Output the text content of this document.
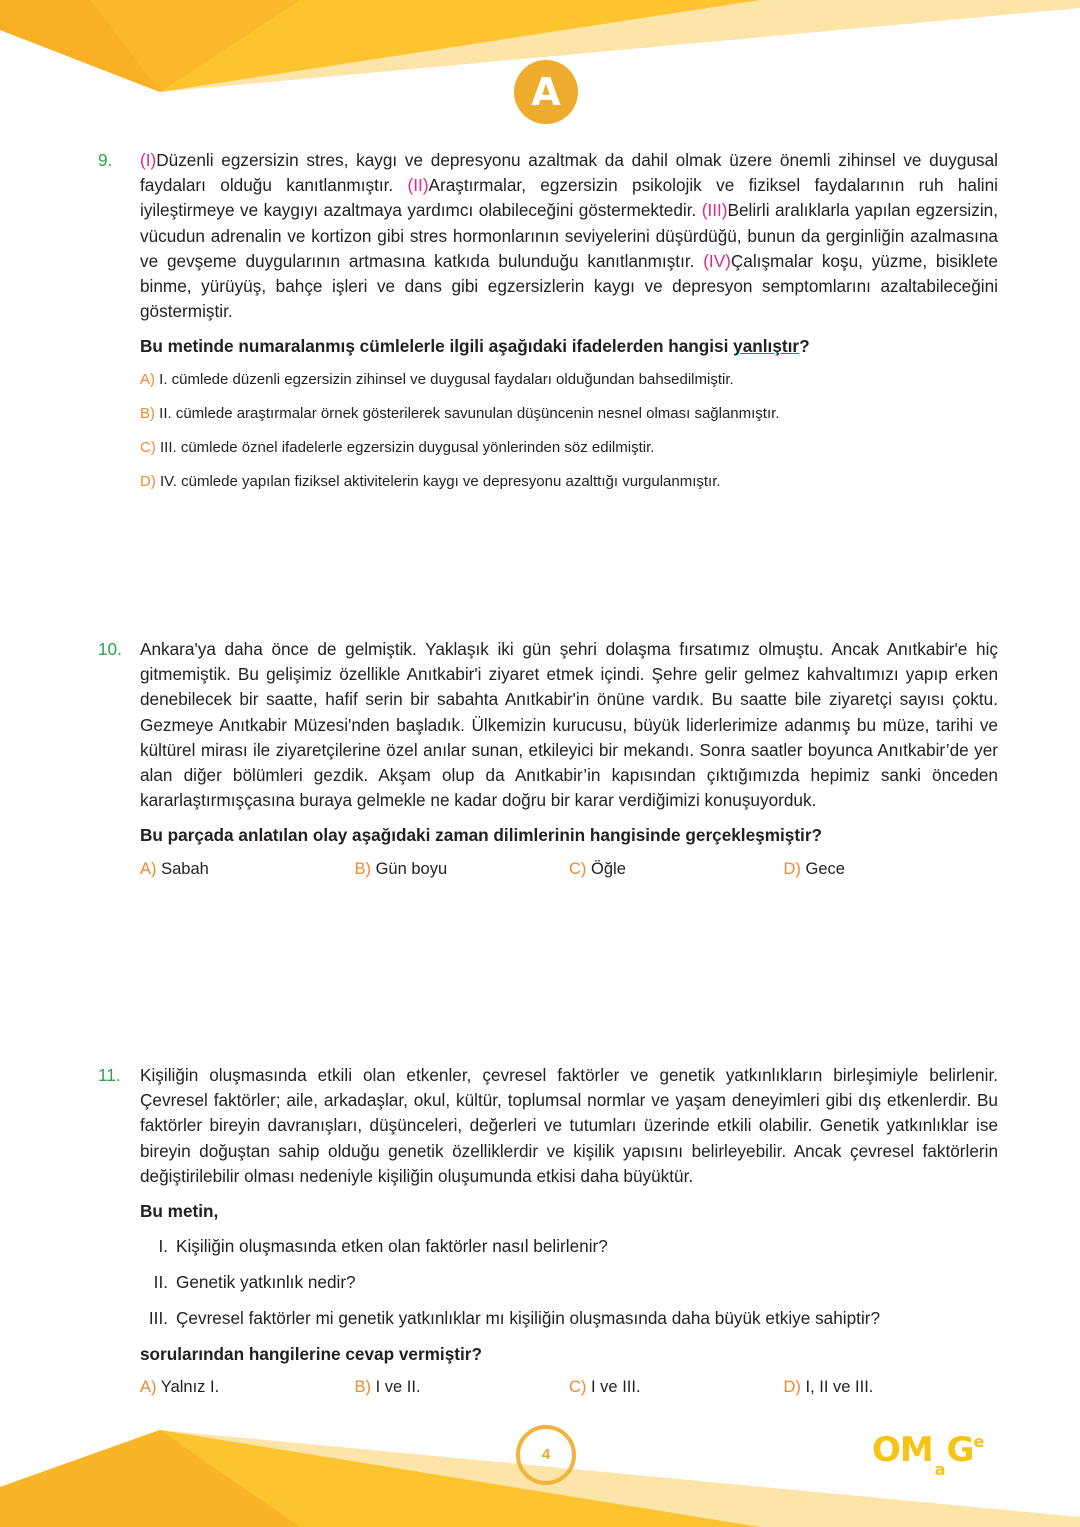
A
9. (I)Düzenli egzersizin stres, kaygı ve depresyonu azaltmak da dahil olmak üzere önemli zihinsel ve duygusal faydaları olduğu kanıtlanmıştır. (II)Araştırmalar, egzersizin psikolojik ve fiziksel faydalarının ruh halini iyileştirmeye ve kaygıyı azaltmaya yardımcı olabileceğini göstermektedir. (III)Belirli aralıklarla yapılan egzersizin, vücudun adrenalin ve kortizon gibi stres hormonlarının seviyelerini düşürdüğü, bunun da gerginliğin azalmasına ve gevşeme duygularının artmasına katkıda bulunduğu kanıtlanmıştır. (IV)Çalışmalar koşu, yüzme, bisiklete binme, yürüyüş, bahçe işleri ve dans gibi egzersizlerin kaygı ve depresyon semptomlarını azaltabileceğini göstermiştir.
Bu metinde numaralanmış cümlelerle ilgili aşağıdaki ifadelerden hangisi yanlıştır?
A) I. cümlede düzenli egzersizin zihinsel ve duygusal faydaları olduğundan bahsedilmiştir.
B) II. cümlede araştırmalar örnek gösterilerek savunulan düşüncenin nesnel olması sağlanmıştır.
C) III. cümlede öznel ifadelerle egzersizin duygusal yönlerinden söz edilmiştir.
D) IV. cümlede yapılan fiziksel aktivitelerin kaygı ve depresyonu azalttığı vurgulanmıştır.
10. Ankara'ya daha önce de gelmiştik. Yaklaşık iki gün şehri dolaşma fırsatımız olmuştu. Ancak Anıtkabir'e hiç gitmemiştik. Bu gelişimiz özellikle Anıtkabir'i ziyaret etmek içindi. Şehre gelir gelmez kahvaltımızı yapıp erken denebilecek bir saatte, hafif serin bir sabahta Anıtkabir'in önüne vardık. Bu saatte bile ziyaretçi sayısı çoktu. Gezmeye Anıtkabir Müzesi'nden başladık. Ülkemizin kurucusu, büyük liderlerimize adanmış bu müze, tarihi ve kültürel mirası ile ziyaretçilerine özel anılar sunan, etkileyici bir mekandı. Sonra saatler boyunca Anıtkabir’de yer alan diğer bölümleri gezdik. Akşam olup da Anıtkabir’in kapısından çıktığımızda hepimiz sanki önceden kararlaştırmışçasına buraya gelmekle ne kadar doğru bir karar verdiğimizi konuşuyorduk.
Bu parçada anlatılan olay aşağıdaki zaman dilimlerinin hangisinde gerçekleşmiştir?
A) Sabah	B) Gün boyu	C) Öğle	D) Gece
11. Kişiliğin oluşmasında etkili olan etkenler, çevresel faktörler ve genetik yatkınlıkların birleşimiyle belirlenir. Çevresel faktörler; aile, arkadaşlar, okul, kültür, toplumsal normlar ve yaşam deneyimleri gibi dış etkenlerdir. Bu faktörler bireyin davranışları, düşünceleri, değerleri ve tutumları üzerinde etkili olabilir. Genetik yatkınlıklar ise bireyin doğuştan sahip olduğu genetik özelliklerdir ve kişilik yapısını belirleyebilir. Ancak çevresel faktörlerin değiştirilebilir olması nedeniyle kişiliğin oluşumunda etkisi daha büyüktür.
Bu metin,
I. Kişiliğin oluşmasında etken olan faktörler nasıl belirlenir?
II. Genetik yatkınlık nedir?
III. Çevresel faktörler mi genetik yatkınlıklar mı kişiliğin oluşmasında daha büyük etkiye sahiptir?
sorularından hangilerine cevap vermiştir?
A) Yalnız I.	B) I ve II.	C) I ve III.	D) I, II ve III.
4	OM $_aG^e$
